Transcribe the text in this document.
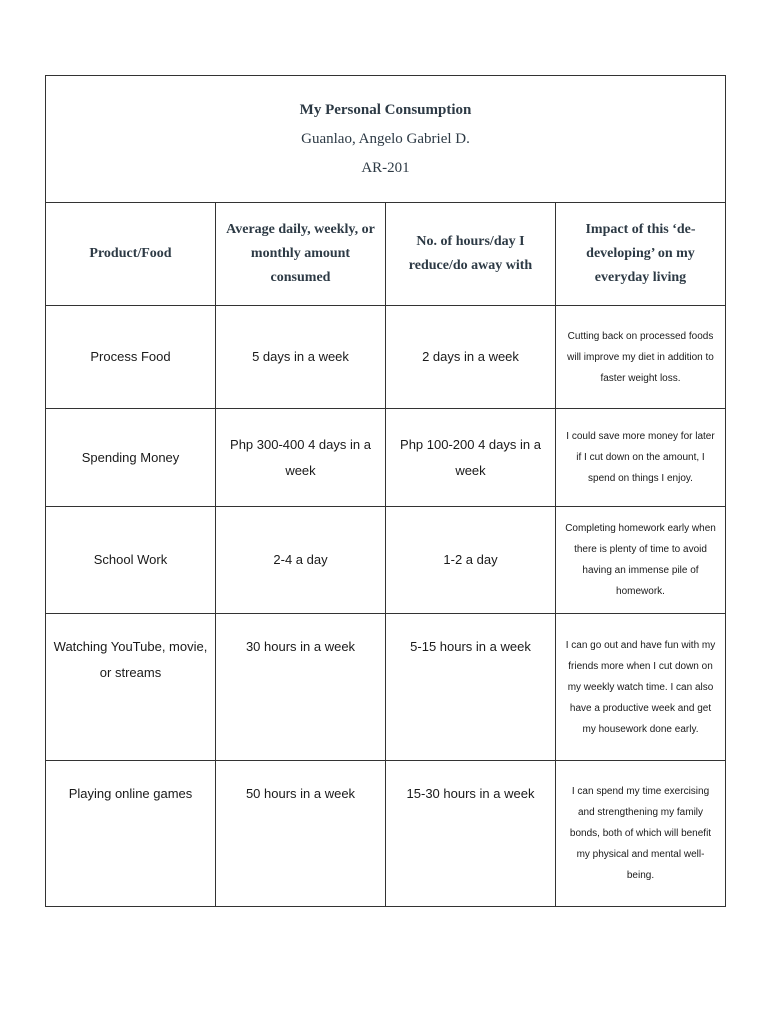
My Personal Consumption
Guanlao, Angelo Gabriel D.
AR-201			

Product/Food	Average daily, weekly, or monthly amount consumed	No. of hours/day I reduce/do away with	Impact of this ‘de-developing’ on my everyday living
Process Food	5 days in a week	2 days in a week	Cutting back on processed foods will improve my diet in addition to faster weight loss.
Spending Money	Php 300-400 4 days in a week	Php 100-200 4 days in a week	I could save more money for later if I cut down on the amount, I spend on things I enjoy.
School Work	2-4 a day	1-2 a day	Completing homework early when there is plenty of time to avoid having an immense pile of homework.
Watching YouTube, movie, or streams	30 hours in a week	5-15 hours in a week	I can go out and have fun with my friends more when I cut down on my weekly watch time. I can also have a productive week and get my housework done early.
Playing online games	50 hours in a week	15-30 hours in a week	I can spend my time exercising and strengthening my family bonds, both of which will benefit my physical and mental well-being.
